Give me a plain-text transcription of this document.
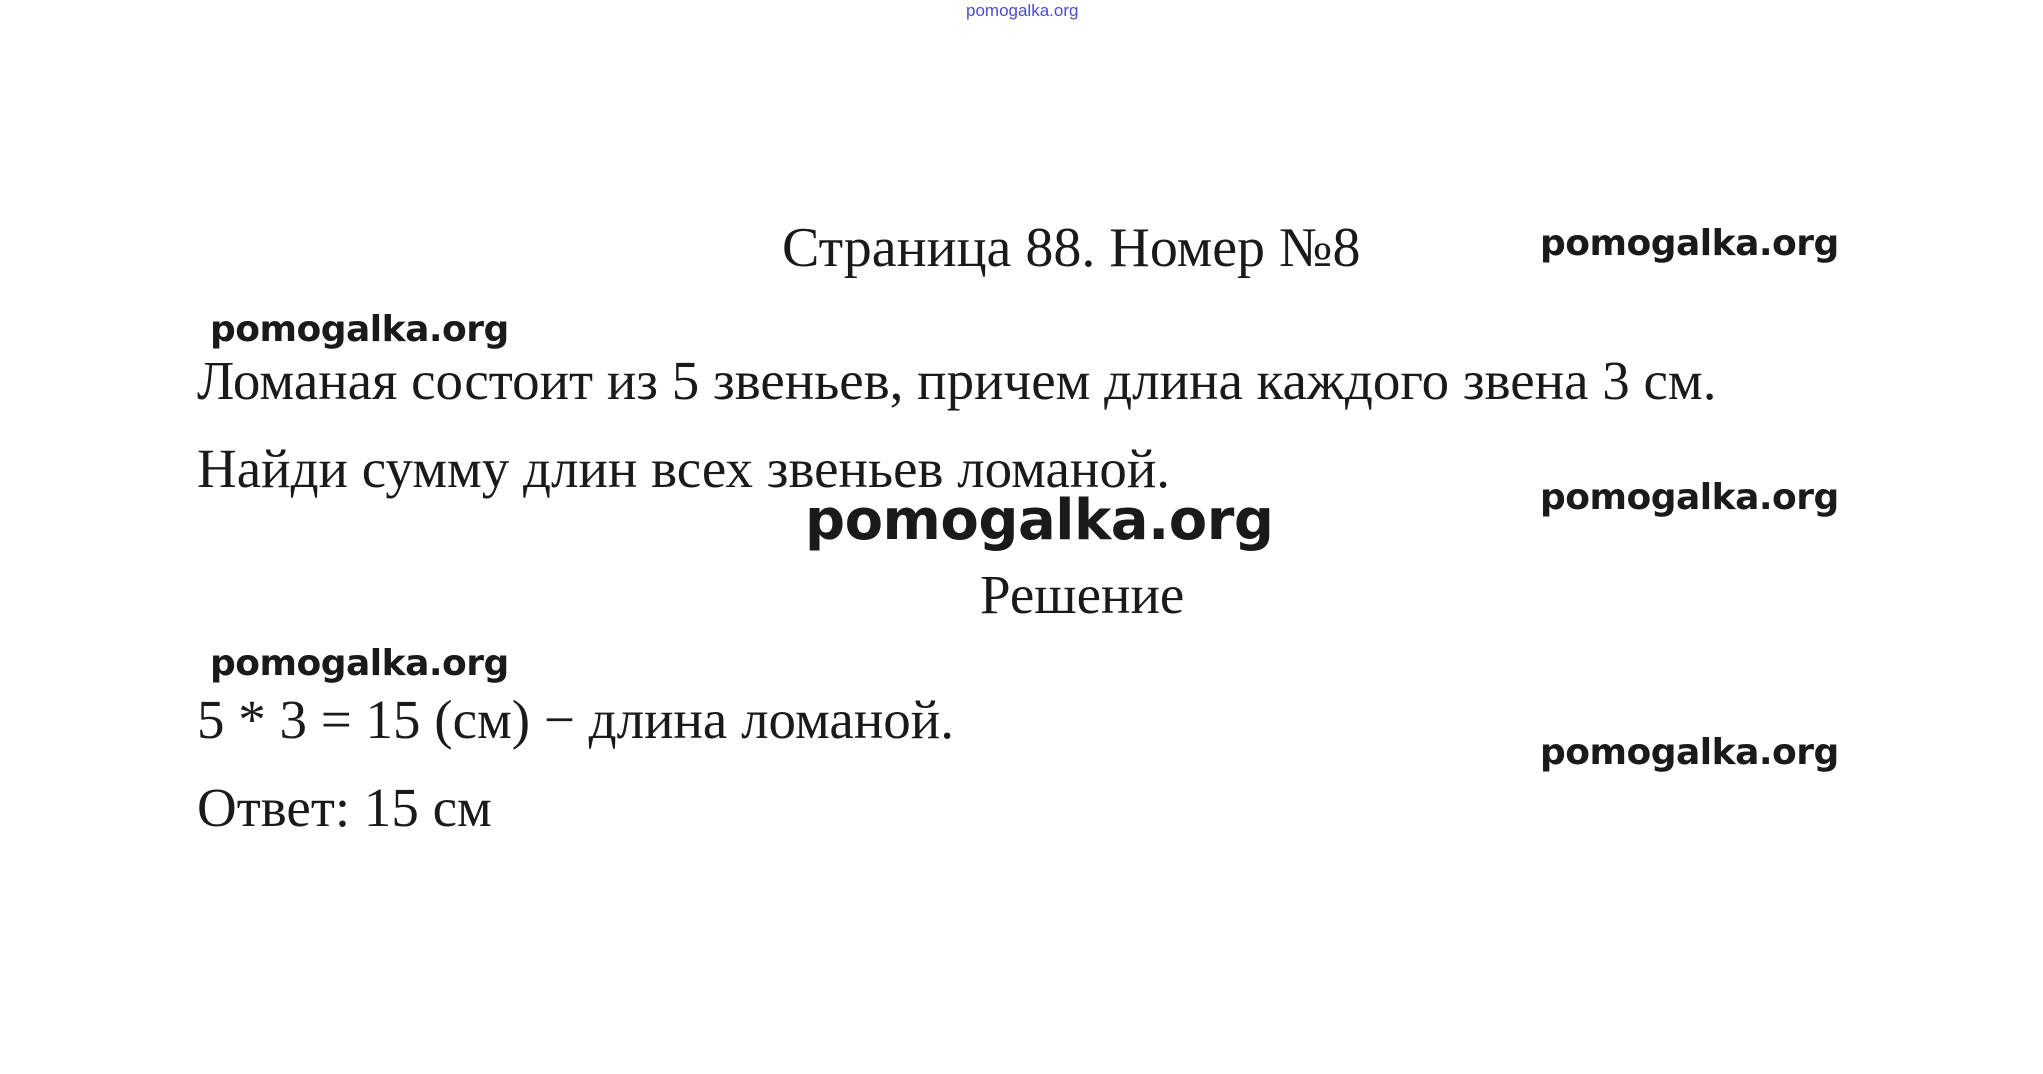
pomogalka.org
Страница 88. Номер №8	pomogalka.org
pomogalka.org
Ломаная состоит из 5 звеньев, причем длина каждого звена 3 см.
Найди сумму длин всех звеньев ломаной.	pomogalka.org
pomogalka.org
Решение
pomogalka.org
5 * 3 = 15 (см) − длина ломаной.
pomogalka.org
Ответ: 15 см
